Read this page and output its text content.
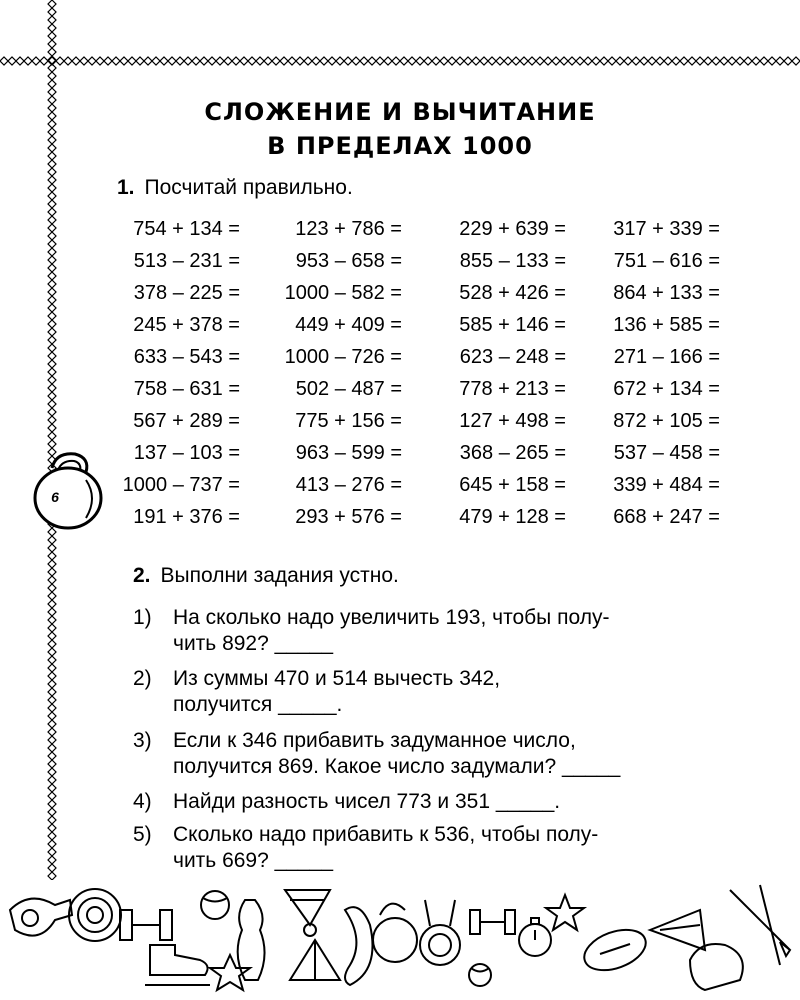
6
СЛОЖЕНИЕ И ВЫЧИТАНИЕ
В ПРЕДЕЛАХ 1000
1. Посчитай правильно.
754 + 134 =	123 + 786 =	229 + 639 =	317 + 339 =
513 – 231 =	953 – 658 =	855 – 133 =	751 – 616 =
378 – 225 =	1000 – 582 =	528 + 426 =	864 + 133 =
245 + 378 =	449 + 409 =	585 + 146 =	136 + 585 =
633 – 543 =	1000 – 726 =	623 – 248 =	271 – 166 =
758 – 631 =	502 – 487 =	778 + 213 =	672 + 134 =
567 + 289 =	775 + 156 =	127 + 498 =	872 + 105 =
137 – 103 =	963 – 599 =	368 – 265 =	537 – 458 =
1000 – 737 =	413 – 276 =	645 + 158 =	339 + 484 =
191 + 376 =	293 + 576 =	479 + 128 =	668 + 247 =
2. Выполни задания устно.
1)	На сколько надо увеличить 193, чтобы полу-
чить 892? _____
2)	Из суммы 470 и 514 вычесть 342,
получится _____.
3)	Если к 346 прибавить задуманное число,
получится 869. Какое число задумали? _____
4)	Найди разность чисел 773 и 351 _____.
5)	Сколько надо прибавить к 536, чтобы полу-
чить 669? _____
